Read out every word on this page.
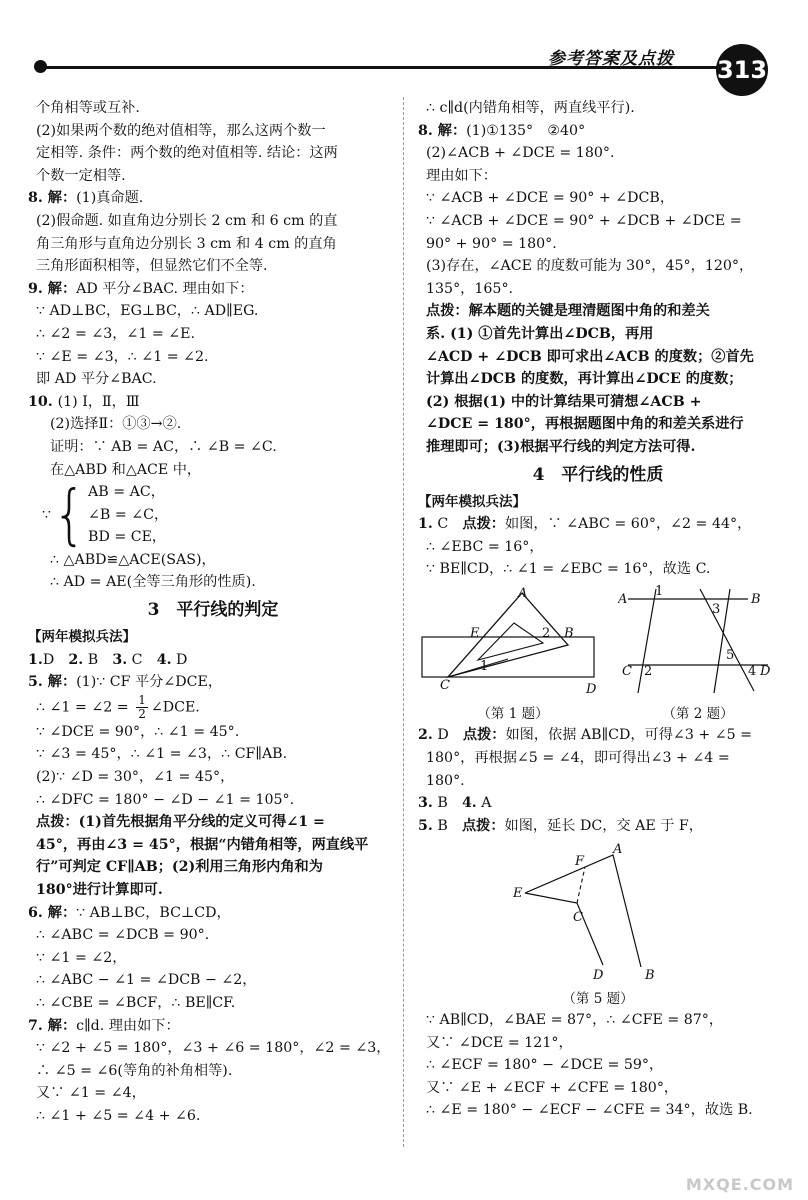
参考答案及点拨 313
个角相等或互补.
(2)如果两个数的绝对值相等，那么这两个数一
定相等. 条件：两个数的绝对值相等. 结论：这两
个数一定相等.
8. 解：(1)真命题.
(2)假命题. 如直角边分别长 2 cm 和 6 cm 的直
角三角形与直角边分别长 3 cm 和 4 cm 的直角
三角形面积相等，但显然它们不全等.
9. 解：AD 平分∠BAC. 理由如下：
∵ AD⊥BC，EG⊥BC，∴ AD∥EG.
∴ ∠2 = ∠3，∠1 = ∠E.
∵ ∠E = ∠3，∴ ∠1 = ∠2.
即 AD 平分∠BAC.
10. (1) Ⅰ，Ⅱ，Ⅲ
(2)选择Ⅱ：①③→②.
证明：∵ AB = AC，∴ ∠B = ∠C.
在△ABD 和△ACE 中，
∵ { AB = AC，
∠B = ∠C，
BD = CE，
∴ △ABD≌△ACE(SAS)，
∴ AD = AE(全等三角形的性质).
3　平行线的判定
【两年模拟兵法】
1.D　2. B　3. C　4. D
5. 解：(1)∵ CF 平分∠DCE，
∴ ∠1 = ∠2 = $\frac{1}{2}$ ∠DCE.
∵ ∠DCE = 90°，∴ ∠1 = 45°.
∵ ∠3 = 45°，∴ ∠1 = ∠3，∴ CF∥AB.
(2)∵ ∠D = 30°，∠1 = 45°，
∴ ∠DFC = 180° − ∠D − ∠1 = 105°.
点拨：(1)首先根据角平分线的定义可得∠1 =
45°，再由∠3 = 45°，根据“内错角相等，两直线平
行”可判定 CF∥AB；(2)利用三角形内角和为
180°进行计算即可.
6. 解：∵ AB⊥BC，BC⊥CD，
∴ ∠ABC = ∠DCB = 90°.
∵ ∠1 = ∠2，
∴ ∠ABC − ∠1 = ∠DCB − ∠2，
∴ ∠CBE = ∠BCF，∴ BE∥CF.
7. 解：c∥d. 理由如下：
∵ ∠2 + ∠5 = 180°，∠3 + ∠6 = 180°，∠2 = ∠3，
∴ ∠5 = ∠6(等角的补角相等).
又∵ ∠1 = ∠4，
∴ ∠1 + ∠5 = ∠4 + ∠6.
∴ c∥d(内错角相等，两直线平行).
8. 解：(1)①135°　②40°
(2)∠ACB + ∠DCE = 180°.
理由如下：
∵ ∠ACB + ∠DCE = 90° + ∠DCB，
∵ ∠ACB + ∠DCE = 90° + ∠DCB + ∠DCE =
90° + 90° = 180°.
(3)存在，∠ACE 的度数可能为 30°，45°，120°，
135°，165°.
点拨：解本题的关键是理清题图中角的和差关
系. (1) ①首先计算出∠DCB，再用
∠ACD + ∠DCB 即可求出∠ACB 的度数；②首先
计算出∠DCB 的度数，再计算出∠DCE 的度数；
(2) 根据(1) 中的计算结果可猜想∠ACB +
∠DCE = 180°，再根据题图中角的和差关系进行
推理即可；(3)根据平行线的判定方法可得.
4　平行线的性质
【两年模拟兵法】
1. C　点拨：如图，∵ ∠ABC = 60°，∠2 = 44°，
∴ ∠EBC = 16°，
∵ BE∥CD，∴ ∠1 = ∠EBC = 16°，故选 C.
A
E	2 B
1
C	D
（第 1 题）
A
1
B
3
5
C 2	4 D
（第 2 题）
2. D　点拨：如图，依据 AB∥CD，可得∠3 + ∠5 =
180°，再根据∠5 = ∠4，即可得出∠3 + ∠4 =
180°.
3. B　4. A
5. B　点拨：如图，延长 DC，交 AE 于 F，
A
F
E
C
D	B
（第 5 题）
∵ AB∥CD，∠BAE = 87°，∴ ∠CFE = 87°，
又∵ ∠DCE = 121°，
∴ ∠ECF = 180° − ∠DCE = 59°，
又∵ ∠E + ∠ECF + ∠CFE = 180°，
∴ ∠E = 180° − ∠ECF − ∠CFE = 34°，故选 B.
MXQE.COM
